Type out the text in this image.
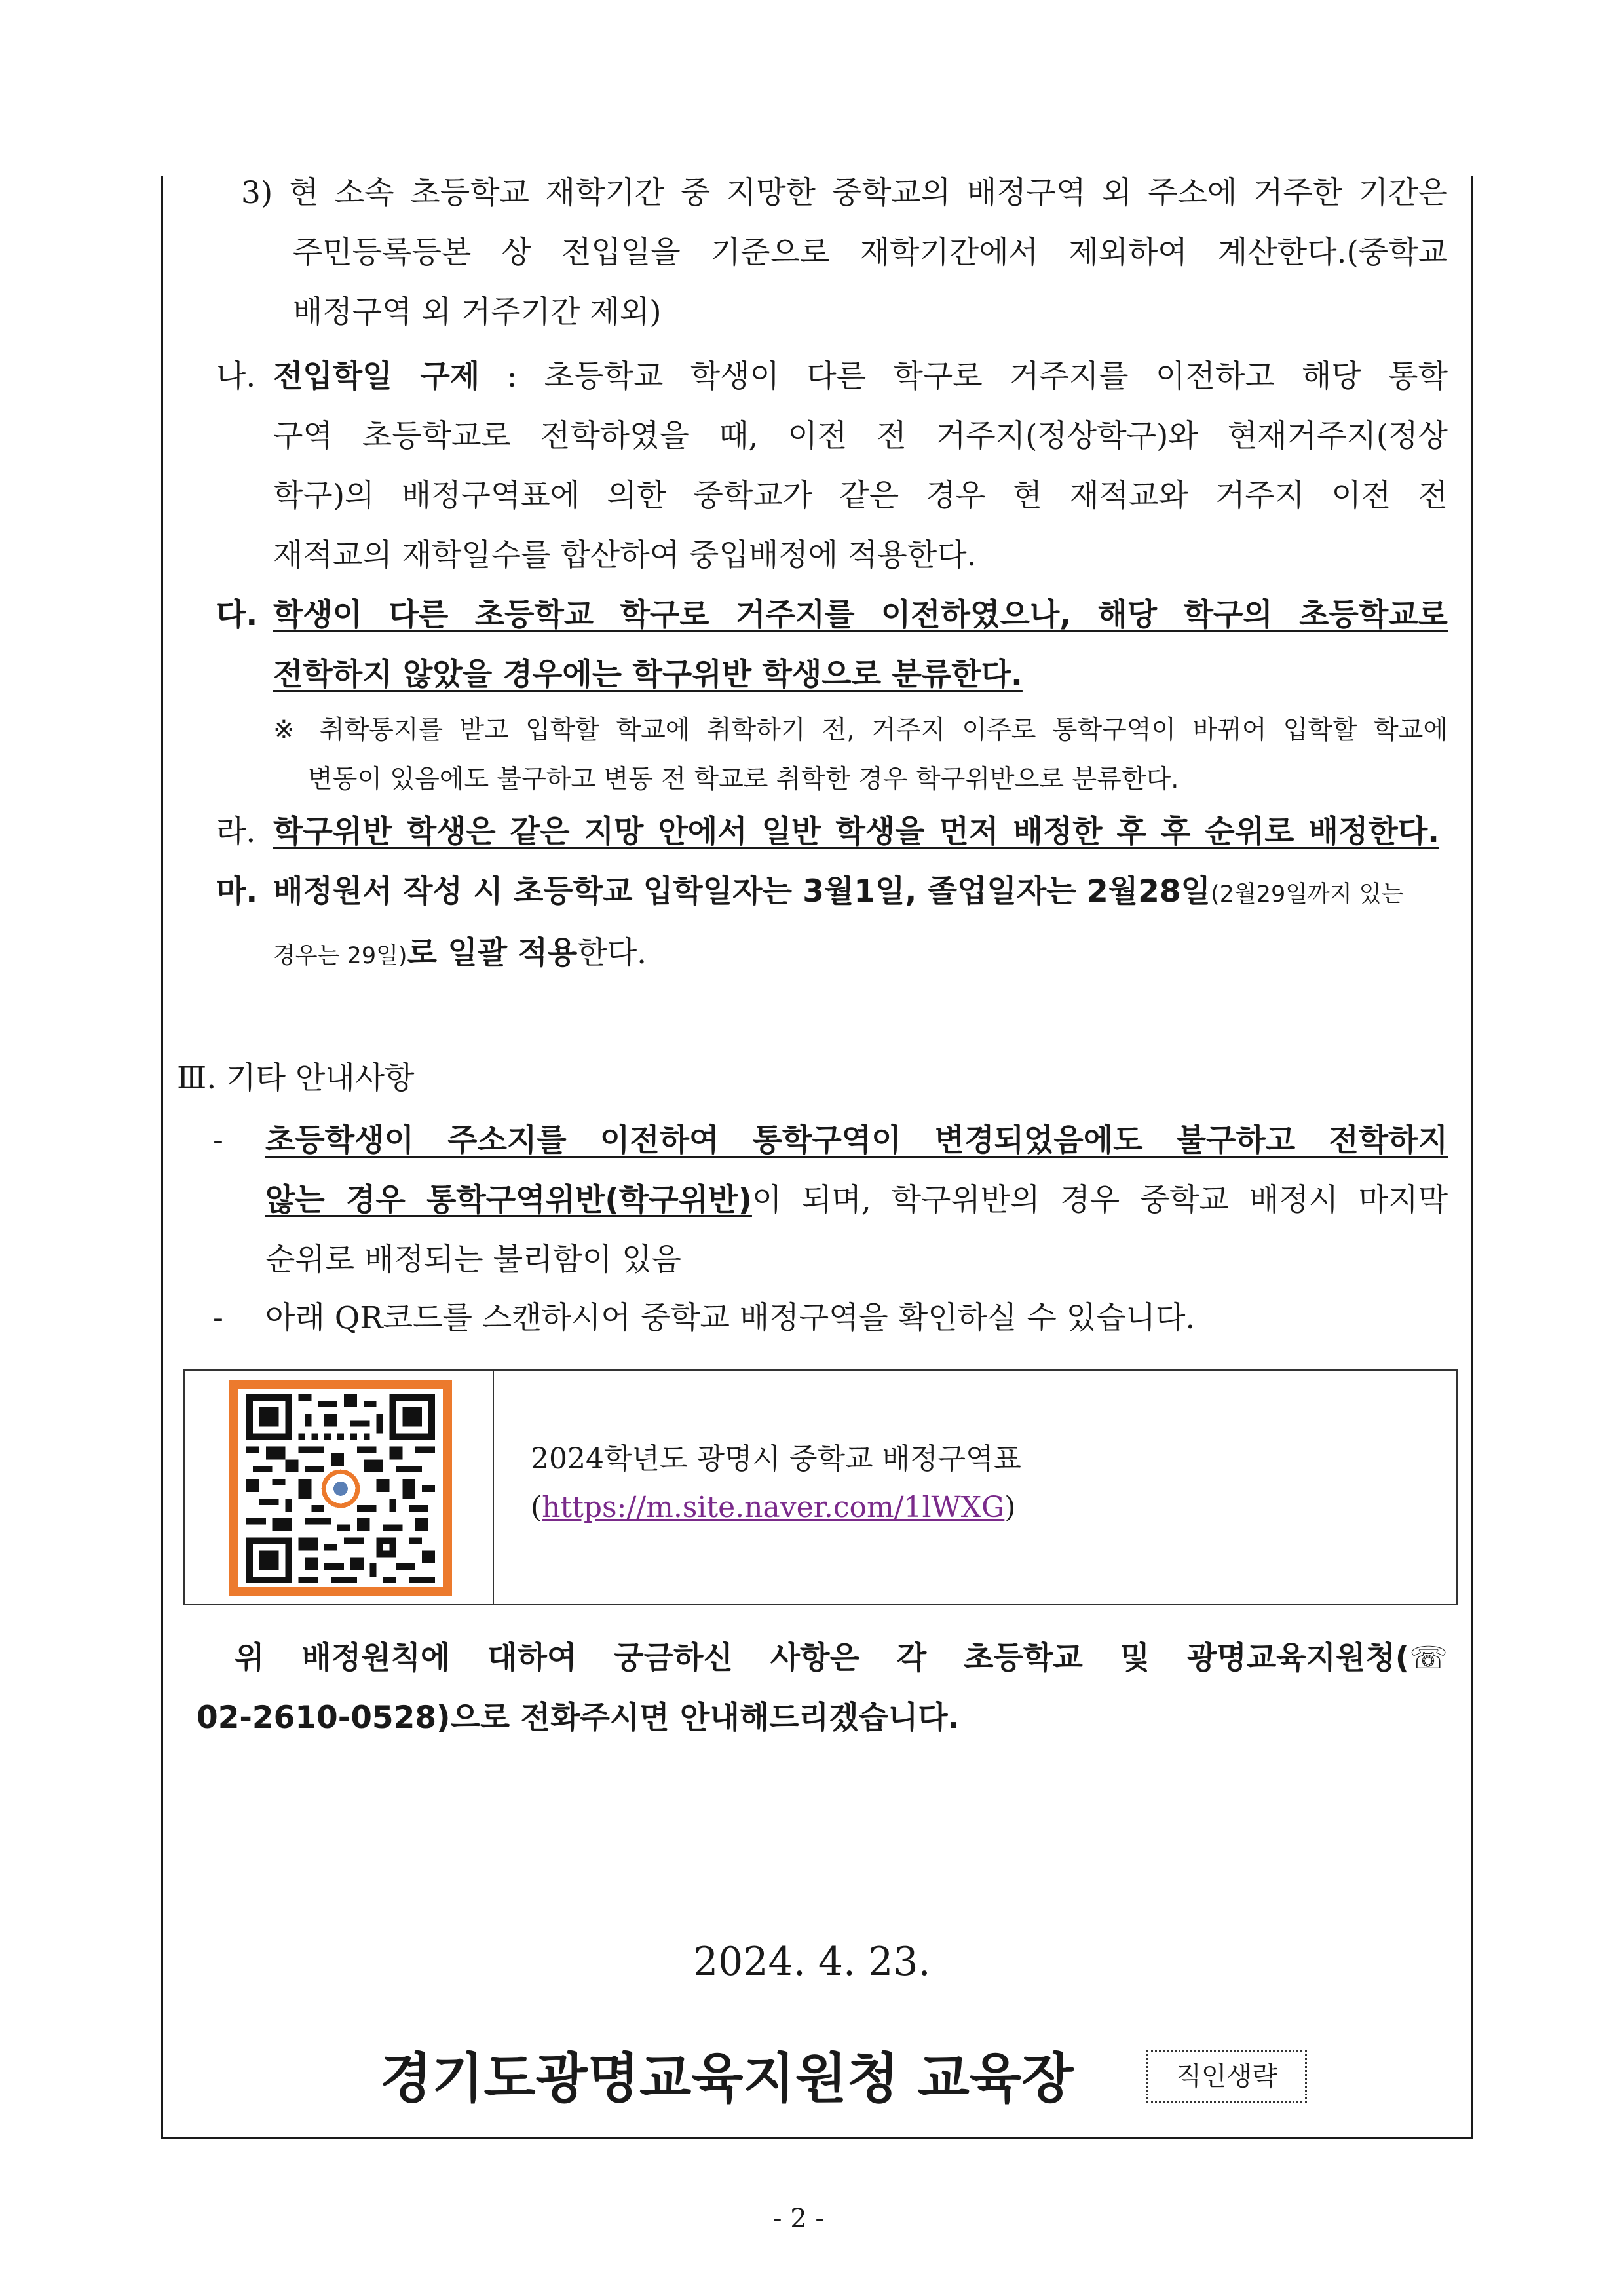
3) 현 소속 초등학교 재학기간 중 지망한 중학교의 배정구역 외 주소에 거주한 기간은
주민등록등본 상 전입일을 기준으로 재학기간에서 제외하여 계산한다.(중학교
배정구역 외 거주기간 제외)
나. 전입학일 구제 : 초등학교 학생이 다른 학구로 거주지를 이전하고 해당 통학
구역 초등학교로 전학하였을 때, 이전 전 거주지(정상학구)와 현재거주지(정상
학구)의 배정구역표에 의한 중학교가 같은 경우 현 재적교와 거주지 이전 전
재적교의 재학일수를 합산하여 중입배정에 적용한다.
다. 학생이 다른 초등학교 학구로 거주지를 이전하였으나, 해당 학구의 초등학교로
전학하지 않았을 경우에는 학구위반 학생으로 분류한다.
※ 취학통지를 받고 입학할 학교에 취학하기 전, 거주지 이주로 통학구역이 바뀌어 입학할 학교에
변동이 있음에도 불구하고 변동 전 학교로 취학한 경우 학구위반으로 분류한다.
라. 학구위반 학생은 같은 지망 안에서 일반 학생을 먼저 배정한 후 후 순위로 배정한다.
마. 배정원서 작성 시 초등학교 입학일자는 3월1일, 졸업일자는 2월28일(2월29일까지 있는
경우는 29일)로 일괄 적용한다.
Ⅲ. 기타 안내사항
- 초등학생이 주소지를 이전하여 통학구역이 변경되었음에도 불구하고 전학하지
않는 경우 통학구역위반(학구위반)이 되며, 학구위반의 경우 중학교 배정시 마지막
순위로 배정되는 불리함이 있음
- 아래 QR코드를 스캔하시어 중학교 배정구역을 확인하실 수 있습니다.
2024학년도 광명시 중학교 배정구역표
(https://m.site.naver.com/1lWXG)
위 배정원칙에 대하여 궁금하신 사항은 각 초등학교 및 광명교육지원청(☏
02-2610-0528)으로 전화주시면 안내해드리겠습니다.
2024. 4. 23.
경기도광명교육지원청 교육장	직인생략
- 2 -
